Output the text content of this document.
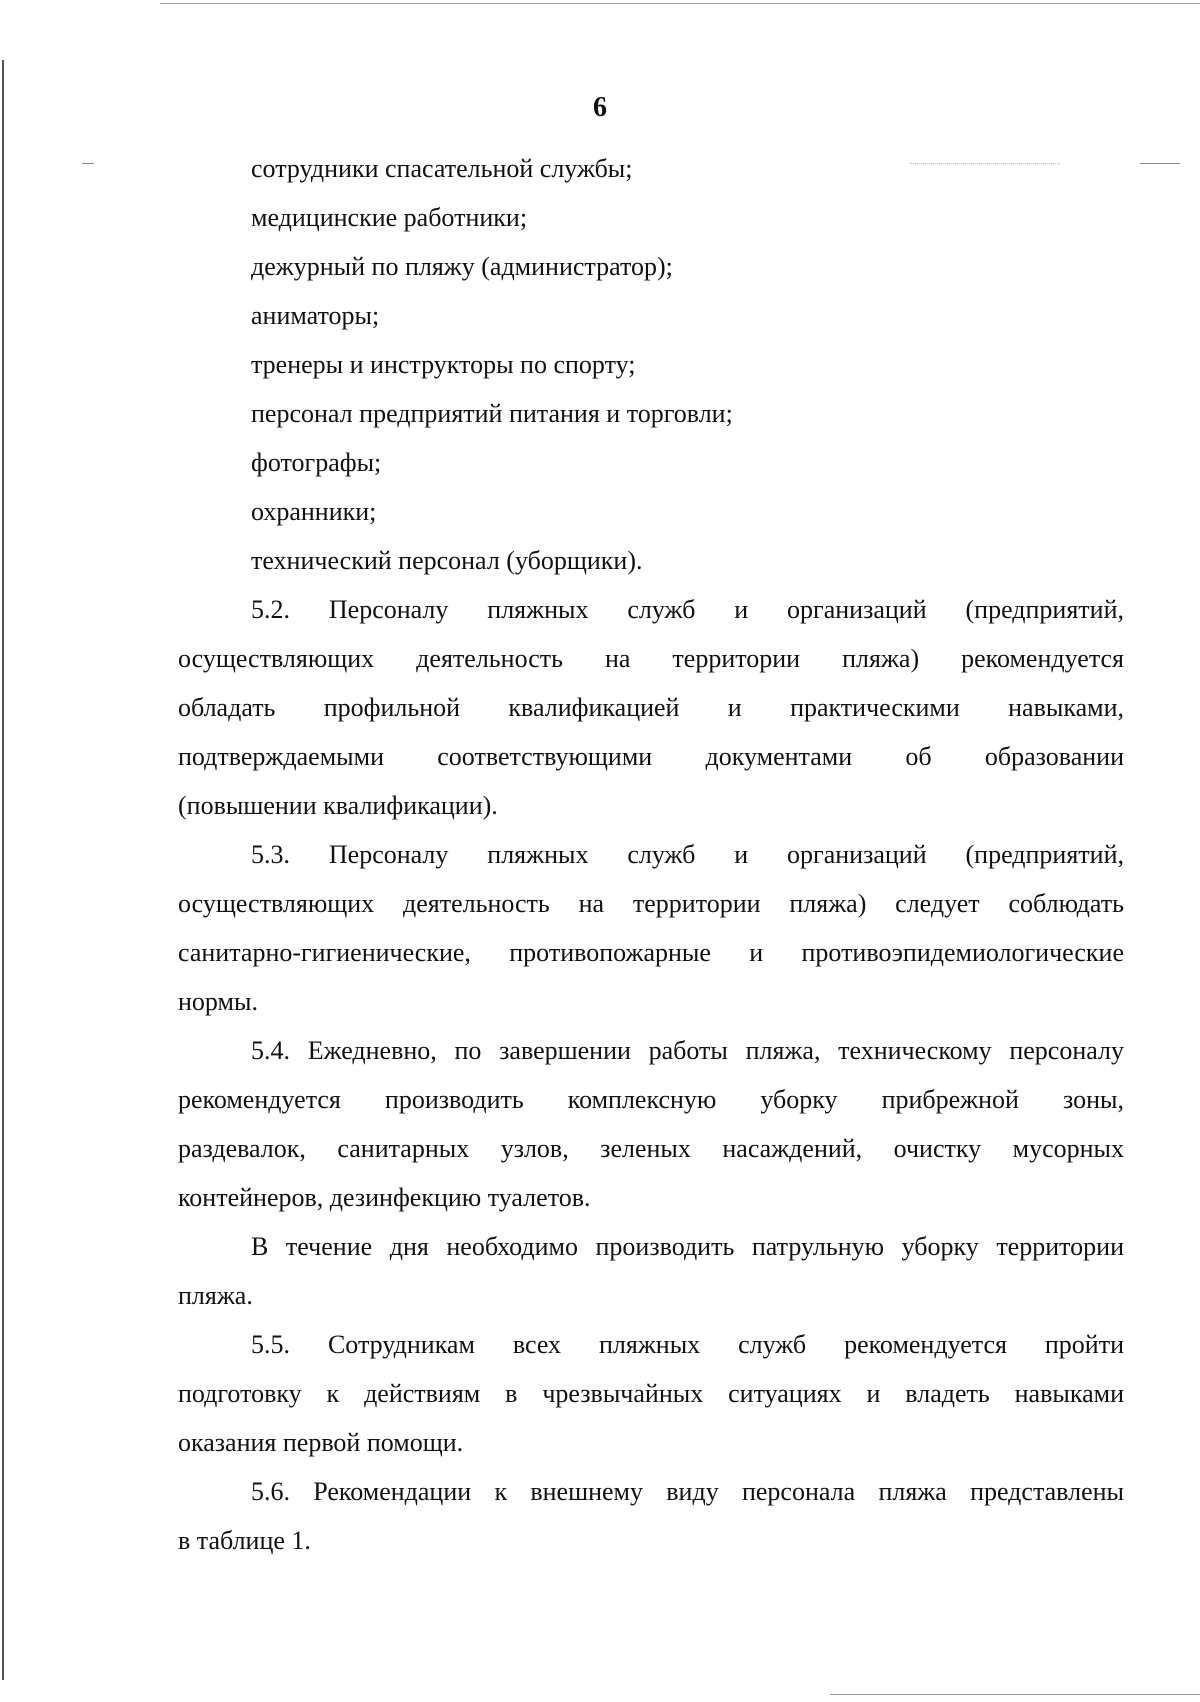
6
сотрудники спасательной службы;
медицинские работники;
дежурный по пляжу (администратор);
аниматоры;
тренеры и инструкторы по спорту;
персонал предприятий питания и торговли;
фотографы;
охранники;
технический персонал (уборщики).
5.2. Персоналу пляжных служб и организаций (предприятий,
осуществляющих деятельность на территории пляжа) рекомендуется
обладать профильной квалификацией и практическими навыками,
подтверждаемыми соответствующими документами об образовании
(повышении квалификации).
5.3. Персоналу пляжных служб и организаций (предприятий,
осуществляющих деятельность на территории пляжа) следует соблюдать
санитарно-гигиенические, противопожарные и противоэпидемиологические
нормы.
5.4. Ежедневно, по завершении работы пляжа, техническому персоналу
рекомендуется производить комплексную уборку прибрежной зоны,
раздевалок, санитарных узлов, зеленых насаждений, очистку мусорных
контейнеров, дезинфекцию туалетов.
В течение дня необходимо производить патрульную уборку территории
пляжа.
5.5. Сотрудникам всех пляжных служб рекомендуется пройти
подготовку к действиям в чрезвычайных ситуациях и владеть навыками
оказания первой помощи.
5.6. Рекомендации к внешнему виду персонала пляжа представлены
в таблице 1.
